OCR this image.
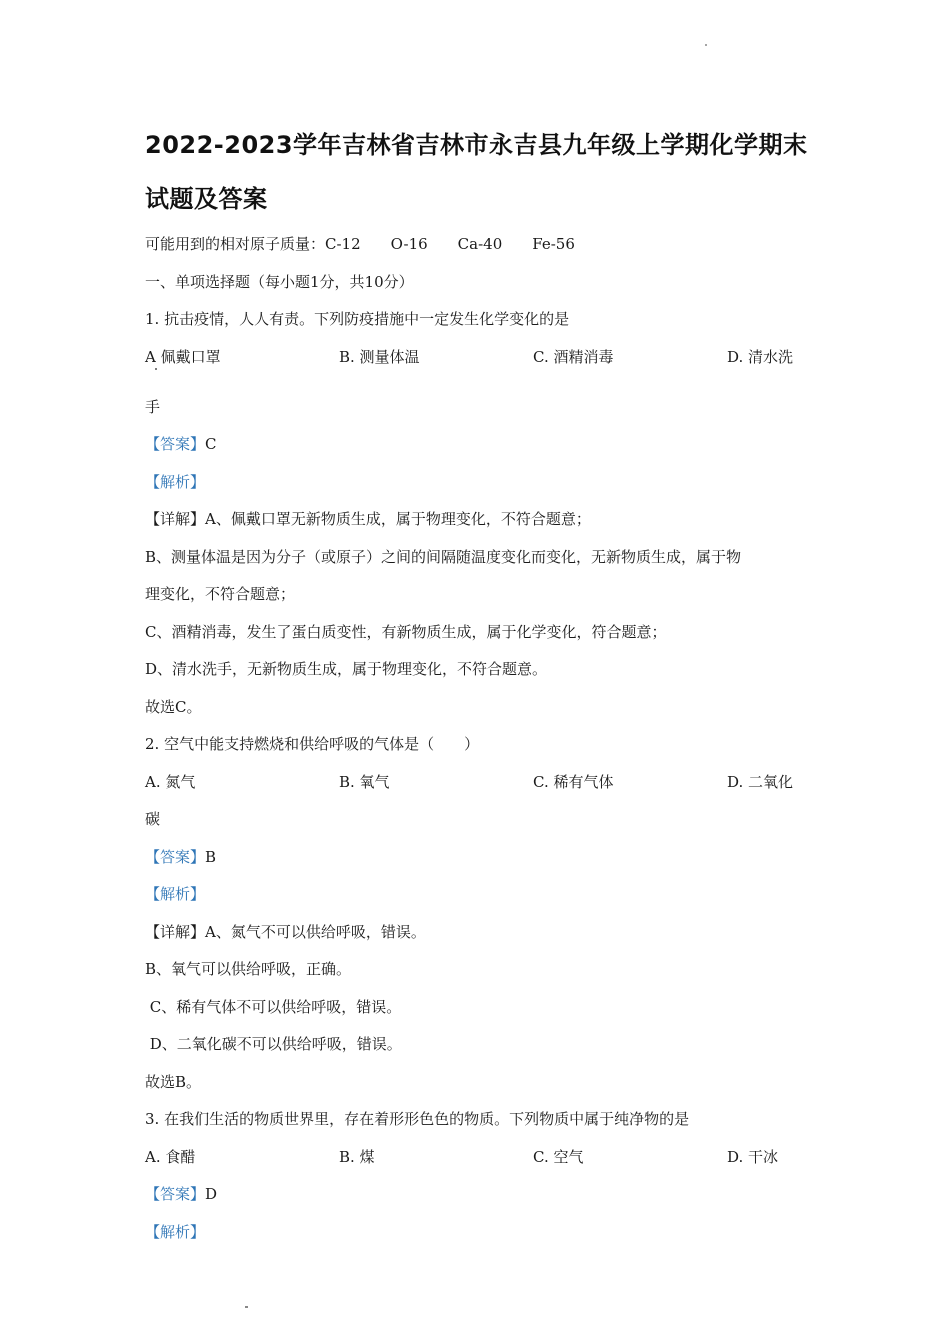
2022-2023学年吉林省吉林市永吉县九年级上学期化学期末
试题及答案
可能用到的相对原子质量：C-12 O-16 Ca-40 Fe-56
一、单项选择题（每小题1分，共10分）
1. 抗击疫情，人人有责。下列防疫措施中一定发生化学变化的是
A 佩戴口罩	B. 测量体温	C. 酒精消毒	D. 清水洗
手
【答案】C
【解析】
【详解】A、佩戴口罩无新物质生成，属于物理变化，不符合题意；
B、测量体温是因为分子（或原子）之间的间隔随温度变化而变化，无新物质生成，属于物
理变化，不符合题意；
C、酒精消毒，发生了蛋白质变性，有新物质生成，属于化学变化，符合题意；
D、清水洗手，无新物质生成，属于物理变化，不符合题意。
故选C。
2. 空气中能支持燃烧和供给呼吸的气体是（　　）
A. 氮气	B. 氧气	C. 稀有气体	D. 二氧化
碳
【答案】B
【解析】
【详解】A、氮气不可以供给呼吸，错误。
B、氧气可以供给呼吸，正确。
C、稀有气体不可以供给呼吸，错误。
D、二氧化碳不可以供给呼吸，错误。
故选B。
3. 在我们生活的物质世界里，存在着形形色色的物质。下列物质中属于纯净物的是
A. 食醋	B. 煤	C. 空气	D. 干冰
【答案】D
【解析】
